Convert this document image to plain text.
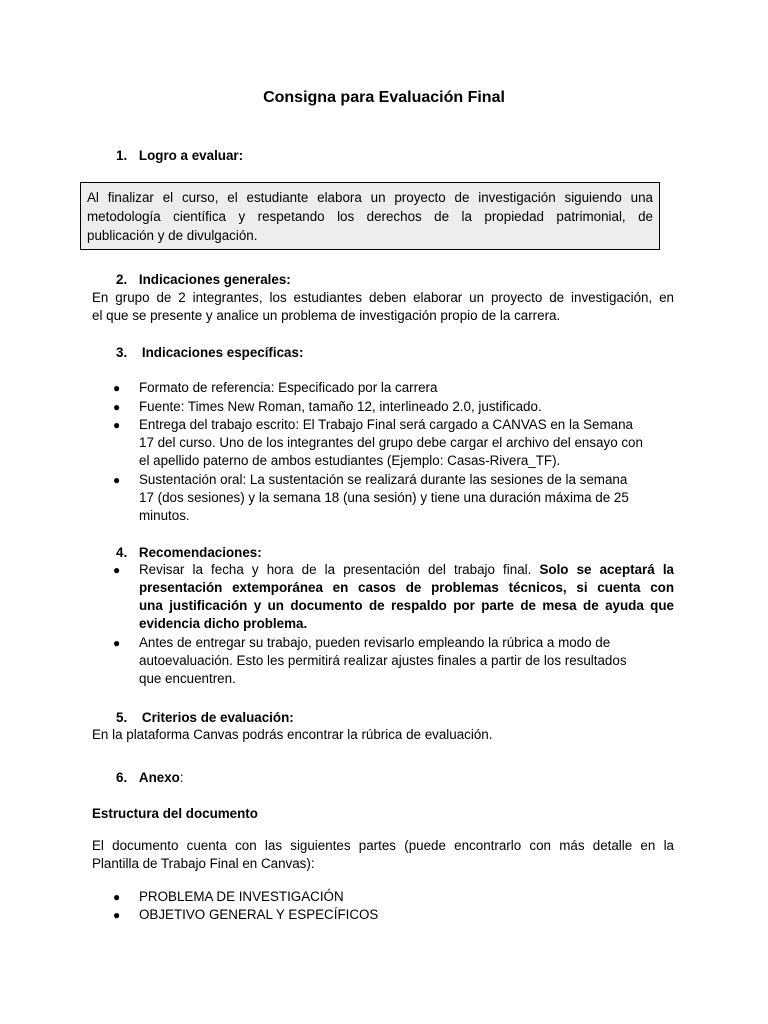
Consigna para Evaluación Final
1. Logro a evaluar:
Al finalizar el curso, el estudiante elabora un proyecto de investigación siguiendo una
metodología científica y respetando los derechos de la propiedad patrimonial, de
publicación y de divulgación.
2. Indicaciones generales:
En grupo de 2 integrantes, los estudiantes deben elaborar un proyecto de investigación, en
el que se presente y analice un problema de investigación propio de la carrera.
3. Indicaciones específicas:
● Formato de referencia: Especificado por la carrera
● Fuente: Times New Roman, tamaño 12, interlineado 2.0, justificado.
● Entrega del trabajo escrito: El Trabajo Final será cargado a CANVAS en la Semana
17 del curso. Uno de los integrantes del grupo debe cargar el archivo del ensayo con
el apellido paterno de ambos estudiantes (Ejemplo: Casas-Rivera_TF).
● Sustentación oral: La sustentación se realizará durante las sesiones de la semana
17 (dos sesiones) y la semana 18 (una sesión) y tiene una duración máxima de 25
minutos.
4. Recomendaciones:
● Revisar la fecha y hora de la presentación del trabajo final. Solo se aceptará la
presentación extemporánea en casos de problemas técnicos, si cuenta con
una justificación y un documento de respaldo por parte de mesa de ayuda que
evidencia dicho problema.
● Antes de entregar su trabajo, pueden revisarlo empleando la rúbrica a modo de
autoevaluación. Esto les permitirá realizar ajustes finales a partir de los resultados
que encuentren.
5. Criterios de evaluación:
En la plataforma Canvas podrás encontrar la rúbrica de evaluación.
6. Anexo:
Estructura del documento
El documento cuenta con las siguientes partes (puede encontrarlo con más detalle en la
Plantilla de Trabajo Final en Canvas):
● PROBLEMA DE INVESTIGACIÓN
● OBJETIVO GENERAL Y ESPECÍFICOS
